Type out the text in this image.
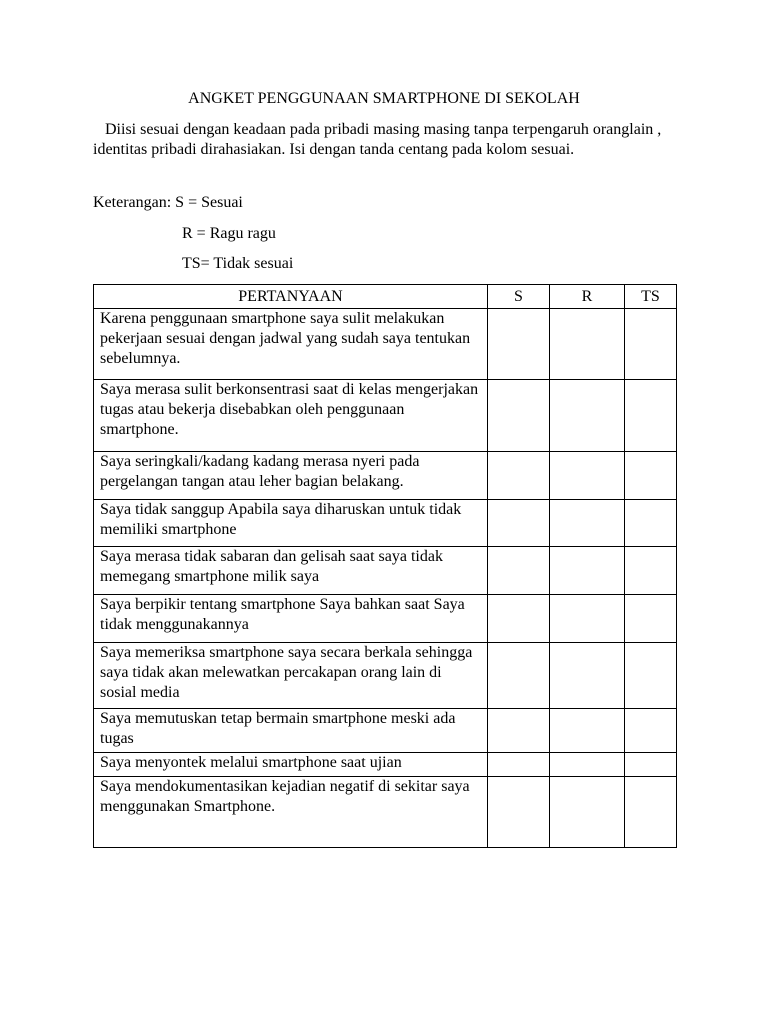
ANGKET PENGGUNAAN SMARTPHONE DI SEKOLAH
Diisi sesuai dengan keadaan pada pribadi masing masing tanpa terpengaruh oranglain , identitas pribadi dirahasiakan. Isi dengan tanda centang pada kolom sesuai.
Keterangan: S = Sesuai
R = Ragu ragu
TS= Tidak sesuai
PERTANYAAN	S	R	TS
Karena penggunaan smartphone saya sulit melakukan pekerjaan sesuai dengan jadwal yang sudah saya tentukan sebelumnya.			
Saya merasa sulit berkonsentrasi saat di kelas mengerjakan tugas atau bekerja disebabkan oleh penggunaan smartphone.			
Saya seringkali/kadang kadang merasa nyeri pada pergelangan tangan atau leher bagian belakang.			
Saya tidak sanggup Apabila saya diharuskan untuk tidak memiliki smartphone			
Saya merasa tidak sabaran dan gelisah saat saya tidak memegang smartphone milik saya			
Saya berpikir tentang smartphone Saya bahkan saat Saya tidak menggunakannya			
Saya memeriksa smartphone saya secara berkala sehingga saya tidak akan melewatkan percakapan orang lain di sosial media			
Saya memutuskan tetap bermain smartphone meski ada tugas			
Saya menyontek melalui smartphone saat ujian			
Saya mendokumentasikan kejadian negatif di sekitar saya menggunakan Smartphone.			
